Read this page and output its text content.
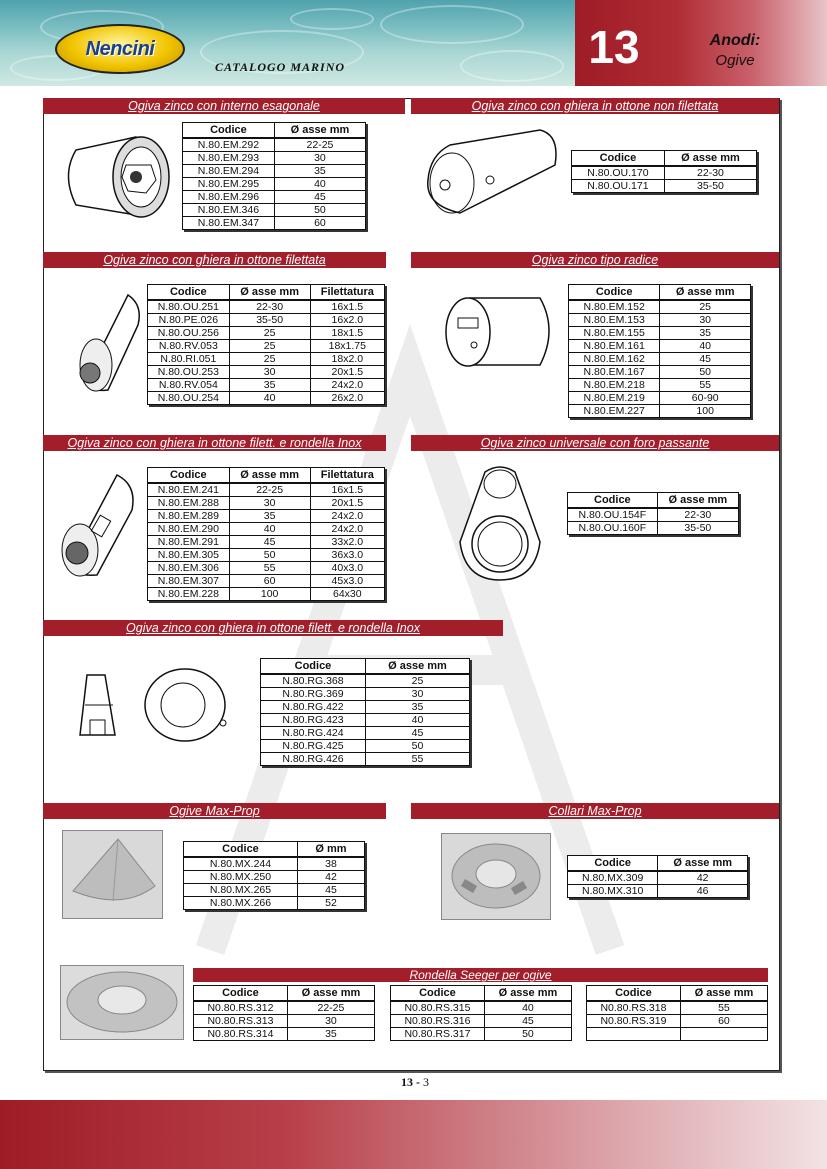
Nencini
CATALOGO MARINO	13	Anodi:
Ogive
Ogiva zinco con interno esagonale
Codice	Ø asse mm
N.80.EM.292	22-25
N.80.EM.293	30
N.80.EM.294	35
N.80.EM.295	40
N.80.EM.296	45
N.80.EM.346	50
N.80.EM.347	60
Ogiva zinco con ghiera in ottone non filettata
Codice	Ø asse mm
N.80.OU.170	22-30
N.80.OU.171	35-50
Ogiva zinco con ghiera in ottone filettata
Codice	Ø asse mm	Filettatura
N.80.OU.251	22-30	16x1.5
N.80.PE.026	35-50	16x2.0
N.80.OU.256	25	18x1.5
N.80.RV.053	25	18x1.75
N.80.RI.051	25	18x2.0
N.80.OU.253	30	20x1.5
N.80.RV.054	35	24x2.0
N.80.OU.254	40	26x2.0
Ogiva zinco tipo radice
Codice	Ø asse mm
N.80.EM.152	25
N.80.EM.153	30
N.80.EM.155	35
N.80.EM.161	40
N.80.EM.162	45
N.80.EM.167	50
N.80.EM.218	55
N.80.EM.219	60-90
N.80.EM.227	100
Ogiva zinco con ghiera in ottone filett. e rondella Inox
Codice	Ø asse mm	Filettatura
N.80.EM.241	22-25	16x1.5
N.80.EM.288	30	20x1.5
N.80.EM.289	35	24x2.0
N.80.EM.290	40	24x2.0
N.80.EM.291	45	33x2.0
N.80.EM.305	50	36x3.0
N.80.EM.306	55	40x3.0
N.80.EM.307	60	45x3.0
N.80.EM.228	100	64x30
Ogiva zinco universale con foro passante
Codice	Ø asse mm
N.80.OU.154F	22-30
N.80.OU.160F	35-50
Ogiva zinco con ghiera in ottone filett. e rondella Inox
Codice	Ø asse mm
N.80.RG.368	25
N.80.RG.369	30
N.80.RG.422	35
N.80.RG.423	40
N.80.RG.424	45
N.80.RG.425	50
N.80.RG.426	55
Ogive Max-Prop
Codice	Ø mm
N.80.MX.244	38
N.80.MX.250	42
N.80.MX.265	45
N.80.MX.266	52
Collari Max-Prop
Codice	Ø asse mm
N.80.MX.309	42
N.80.MX.310	46
Rondella Seeger per ogive
Codice	Ø asse mm
N0.80.RS.312	22-25
N0.80.RS.313	30
N0.80.RS.314	35
Codice	Ø asse mm
N0.80.RS.315	40
N0.80.RS.316	45
N0.80.RS.317	50
Codice	Ø asse mm
N0.80.RS.318	55
N0.80.RS.319	60

13 - 3
